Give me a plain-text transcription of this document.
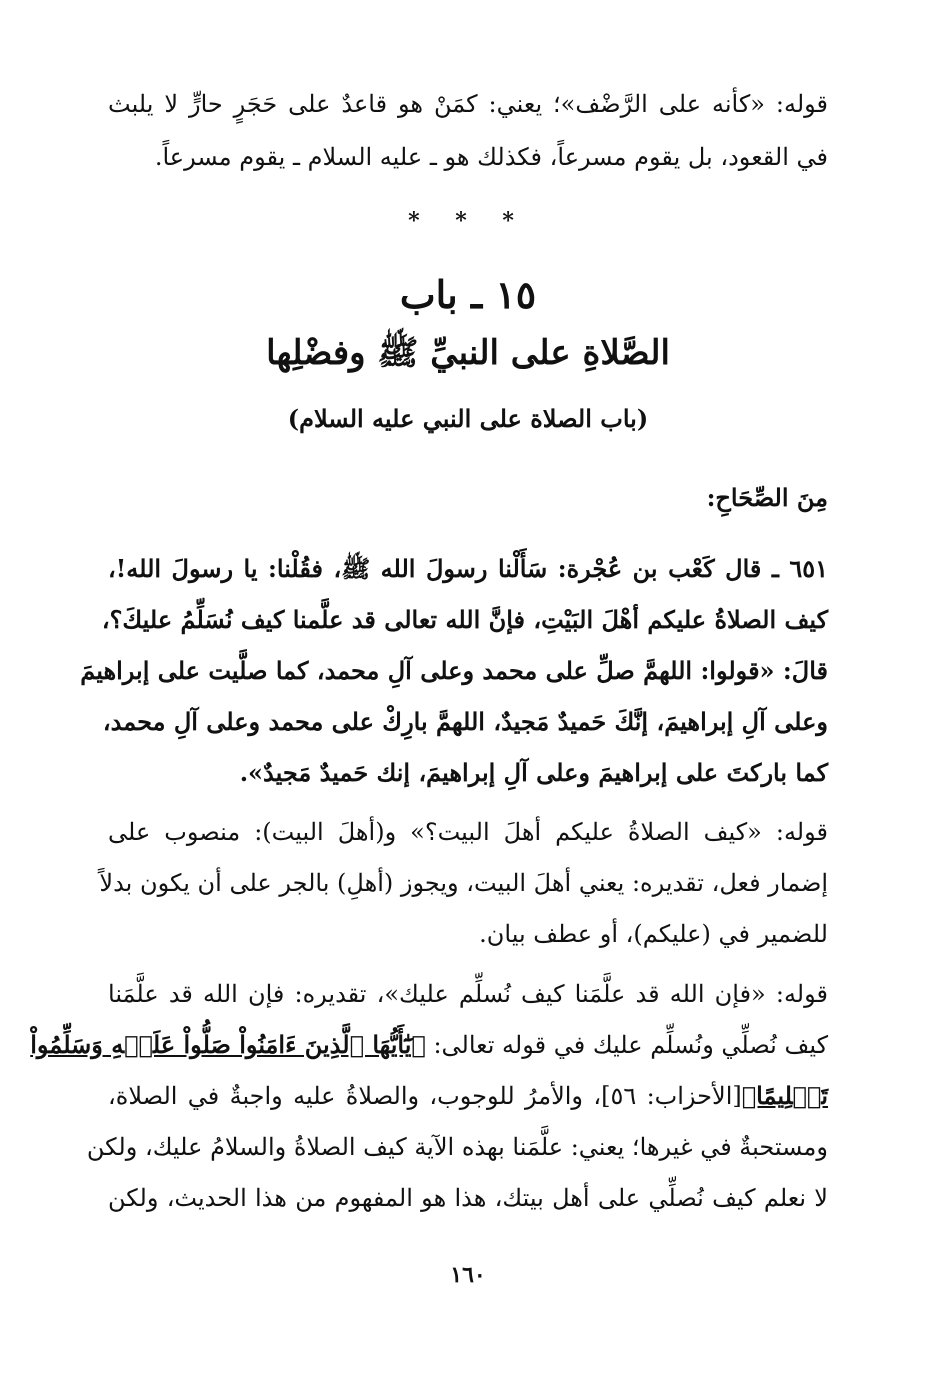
قوله: «كأنه على الرَّضْف»؛ يعني: كمَنْ هو قاعدٌ على حَجَرٍ حارٍّ لا يلبث
في القعود، بل يقوم مسرعاً، فكذلك هو ـ عليه السلام ـ يقوم مسرعاً.
* * *
١٥ ـ باب
الصَّلاةِ على النبيِّ ﷺ وفضْلِها
(باب الصلاة على النبي عليه السلام)
مِنَ الصِّحَاحِ:
٦٥١ ـ قال كَعْب بن عُجْرة: سَأَلْنا رسولَ الله ﷺ، فقُلْنا: يا رسولَ الله!،
كيف الصلاةُ عليكم أهْلَ البَيْتِ، فإنَّ الله تعالى قد علَّمنا كيف نُسَلِّمُ عليكَ؟،
قالَ: «قولوا: اللهمَّ صلِّ على محمد وعلى آلِ محمد، كما صلَّيت على إبراهيمَ
وعلى آلِ إبراهيمَ، إنَّكَ حَميدٌ مَجيدٌ، اللهمَّ بارِكْ على محمد وعلى آلِ محمد،
كما باركتَ على إبراهيمَ وعلى آلِ إبراهيمَ، إنك حَميدٌ مَجيدٌ».
قوله: «كيف الصلاةُ عليكم أهلَ البيت؟» و(أهلَ البيت): منصوب على
إضمار فعل، تقديره: يعني أهلَ البيت، ويجوز (أهلِ) بالجر على أن يكون بدلاً
للضمير في (عليكم)، أو عطف بيان.
قوله: «فإن الله قد علَّمَنا كيف نُسلِّم عليك»، تقديره: فإن الله قد علَّمَنا
كيف نُصلِّي ونُسلِّم عليك في قوله تعالى: ﴿يَٰٓأَيُّهَا ٱلَّذِينَ ءَامَنُواْ صَلُّواْ عَلَيۡهِ وَسَلِّمُواْ
تَسۡلِيمًا﴾[الأحزاب: ٥٦]، والأمرُ للوجوب، والصلاةُ عليه واجبةٌ في الصلاة،
ومستحبةٌ في غيرها؛ يعني: علَّمَنا بهذه الآية كيف الصلاةُ والسلامُ عليك، ولكن
لا نعلم كيف نُصلِّي على أهل بيتك، هذا هو المفهوم من هذا الحديث، ولكن
١٦٠
